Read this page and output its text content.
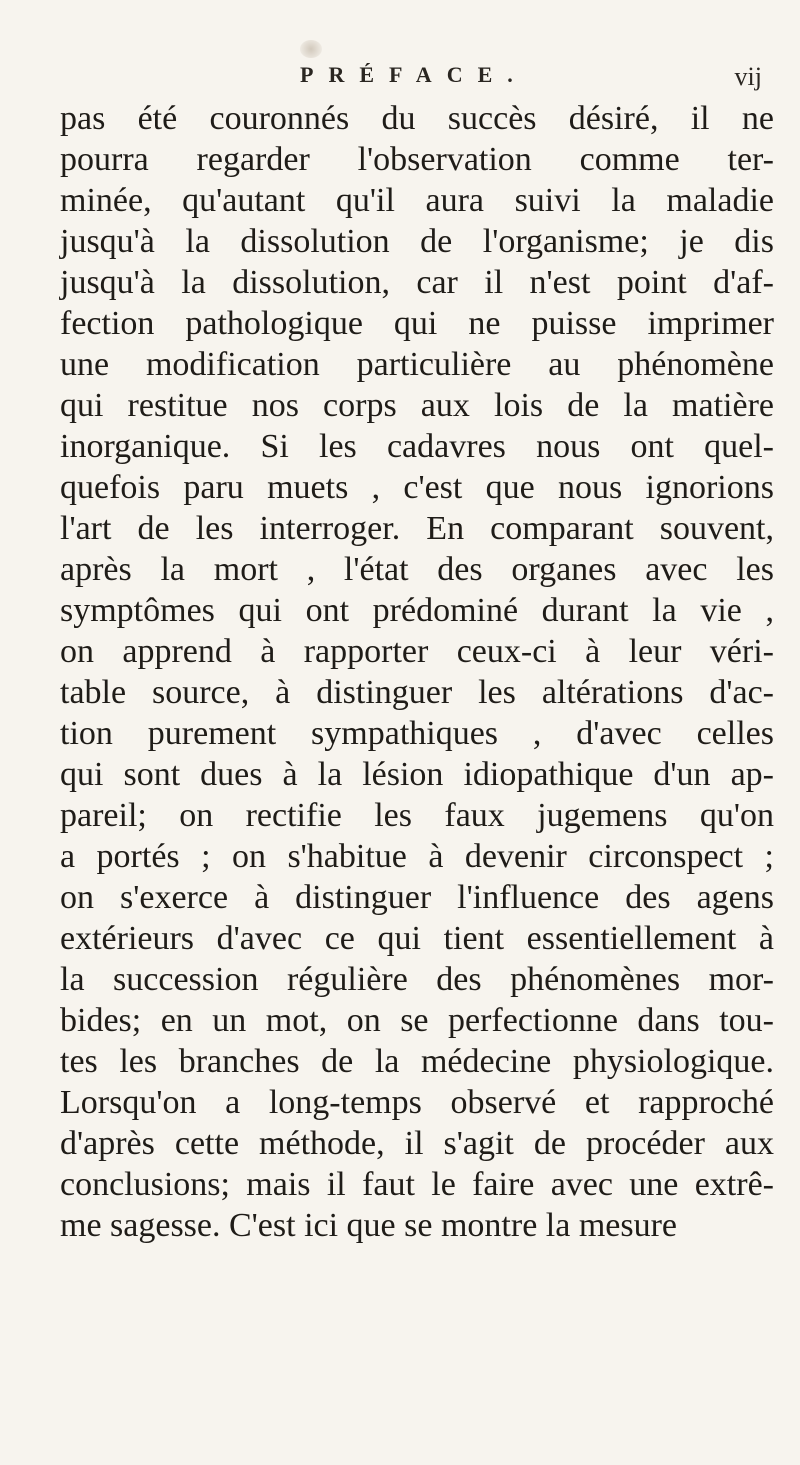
PRÉFACE.	vij
pas été couronnés du succès désiré, il ne
pourra regarder l'observation comme ter-
minée, qu'autant qu'il aura suivi la maladie
jusqu'à la dissolution de l'organisme; je dis
jusqu'à la dissolution, car il n'est point d'af-
fection pathologique qui ne puisse imprimer
une modification particulière au phénomène
qui restitue nos corps aux lois de la matière
inorganique. Si les cadavres nous ont quel-
quefois paru muets , c'est que nous ignorions
l'art de les interroger. En comparant souvent,
après la mort , l'état des organes avec les
symptômes qui ont prédominé durant la vie ,
on apprend à rapporter ceux-ci à leur véri-
table source, à distinguer les altérations d'ac-
tion purement sympathiques , d'avec celles
qui sont dues à la lésion idiopathique d'un ap-
pareil; on rectifie les faux jugemens qu'on
a portés ; on s'habitue à devenir circonspect ;
on s'exerce à distinguer l'influence des agens
extérieurs d'avec ce qui tient essentiellement à
la succession régulière des phénomènes mor-
bides; en un mot, on se perfectionne dans tou-
tes les branches de la médecine physiologique.
Lorsqu'on a long-temps observé et rapproché
d'après cette méthode, il s'agit de procéder aux
conclusions; mais il faut le faire avec une extrê-
me sagesse. C'est ici que se montre la mesure
